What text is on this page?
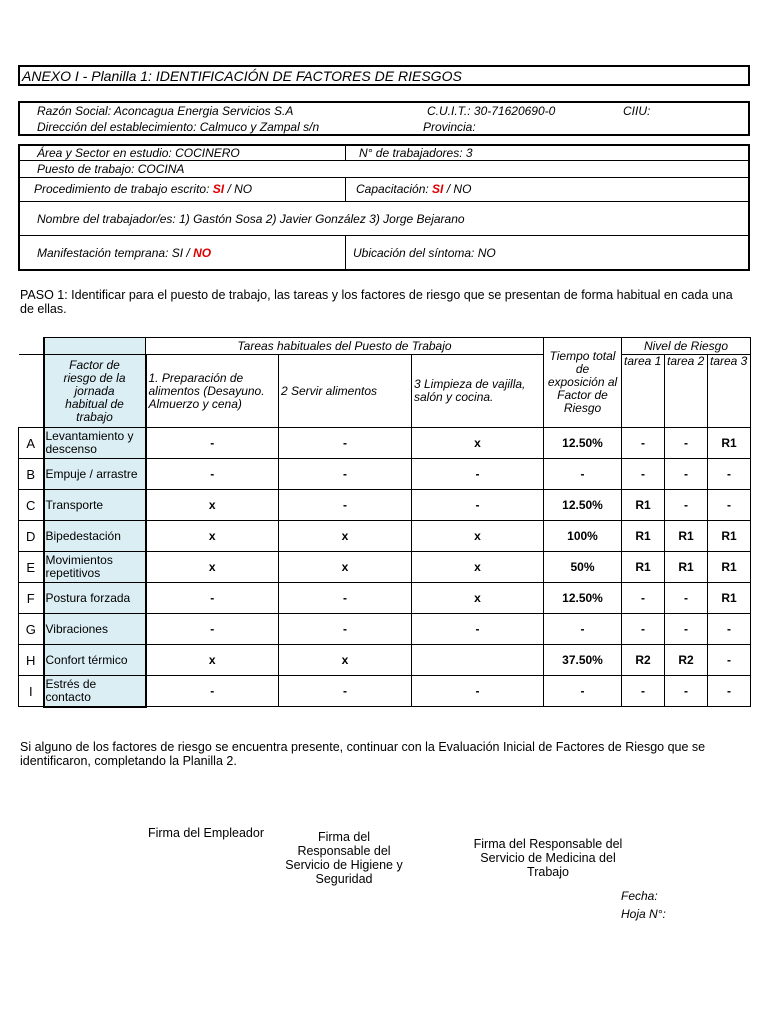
ANEXO I - Planilla 1: IDENTIFICACIÓN DE FACTORES DE RIESGOS
Razón Social: Aconcagua Energia Servicios S.A	C.U.I.T.: 30-71620690-0	CIIU:
Dirección del establecimiento: Calmuco y Zampal s/n	Provincia:
Área y Sector en estudio: COCINERO	N° de trabajadores: 3
Puesto de trabajo: COCINA
Procedimiento de trabajo escrito: SI / NO	Capacitación: SI / NO
Nombre del trabajador/es: 1) Gastón Sosa 2) Javier González 3) Jorge Bejarano
Manifestación temprana: SI / NO	Ubicación del síntoma: NO
PASO 1: Identificar para el puesto de trabajo, las tareas y los factores de riesgo que se presentan de forma habitual en cada una de ellas.
		Tareas habituales del Puesto de Trabajo			Tiempo total de exposición al Factor de Riesgo	Nivel de Riesgo		
	Factor de riesgo de la jornada habitual de trabajo	1. Preparación de alimentos (Desayuno. Almuerzo y cena)	2 Servir alimentos	3 Limpieza de vajilla, salón y cocina.		tarea 1	tarea 2	tarea 3
A	Levantamiento y descenso	-	-	x	12.50%	-	-	R1
B	Empuje / arrastre	-	-	-	-	-	-	-
C	Transporte	x	-	-	12.50%	R1	-	-
D	Bipedestación	x	x	x	100%	R1	R1	R1
E	Movimientos repetitivos	x	x	x	50%	R1	R1	R1
F	Postura forzada	-	-	x	12.50%	-	-	R1
G	Vibraciones	-	-	-	-	-	-	-
H	Confort térmico	x	x		37.50%	R2	R2	-
I	Estrés de contacto	-	-	-	-	-	-	-
Si alguno de los factores de riesgo se encuentra presente, continuar con la Evaluación Inicial de Factores de Riesgo que se identificaron, completando la Planilla 2.
Firma del Empleador	Firma del Responsable del Servicio de Higiene y Seguridad
Firma del Responsable del Servicio de Medicina del Trabajo
Fecha:
Hoja N°:
